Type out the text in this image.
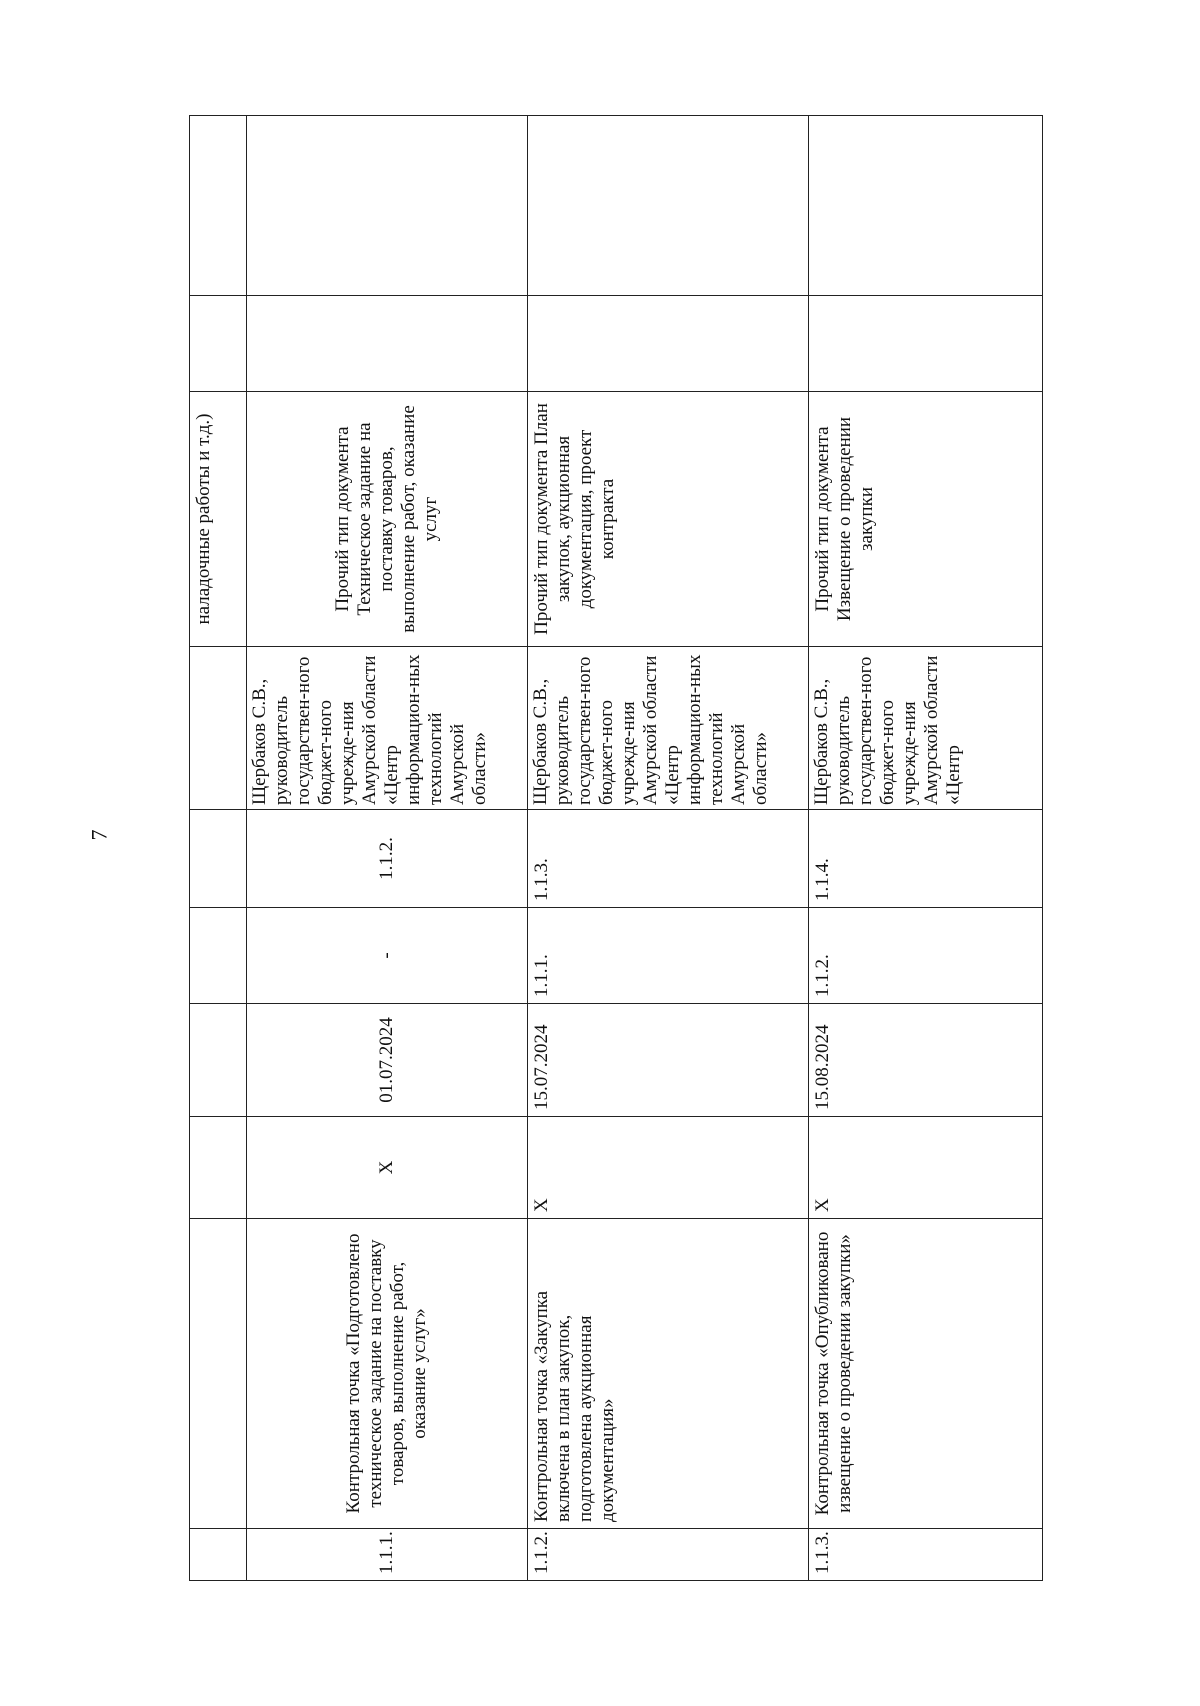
7
							наладочные работы и т.д.)		
1.1.1.	Контрольная точка «Подготовлено техническое задание на поставку товаров, выполнение работ, оказание услуг»	X	01.07.2024	-	1.1.2.	Щербаков С.В., руководитель государствен-ного бюджет-ного учрежде-ния Амурской области «Центр информацион-ных технологий Амурской области»	Прочий тип документа Техническое задание на поставку товаров, выполнение работ, оказание услуг		
1.1.2.	Контрольная точка «Закупка включена в план закупок, подготовлена аукционная документация»	X	15.07.2024	1.1.1.	1.1.3.	Щербаков С.В., руководитель государствен-ного бюджет-ного учрежде-ния Амурской области «Центр информацион-ных технологий Амурской области»	Прочий тип документа План закупок, аукционная документация, проект контракта		
1.1.3.	Контрольная точка «Опубликовано извещение о проведении закупки»	X	15.08.2024	1.1.2.	1.1.4.	Щербаков С.В., руководитель государствен-ного бюджет-ного учрежде-ния Амурской области «Центр	Прочий тип документа Извещение о проведении закупки		
